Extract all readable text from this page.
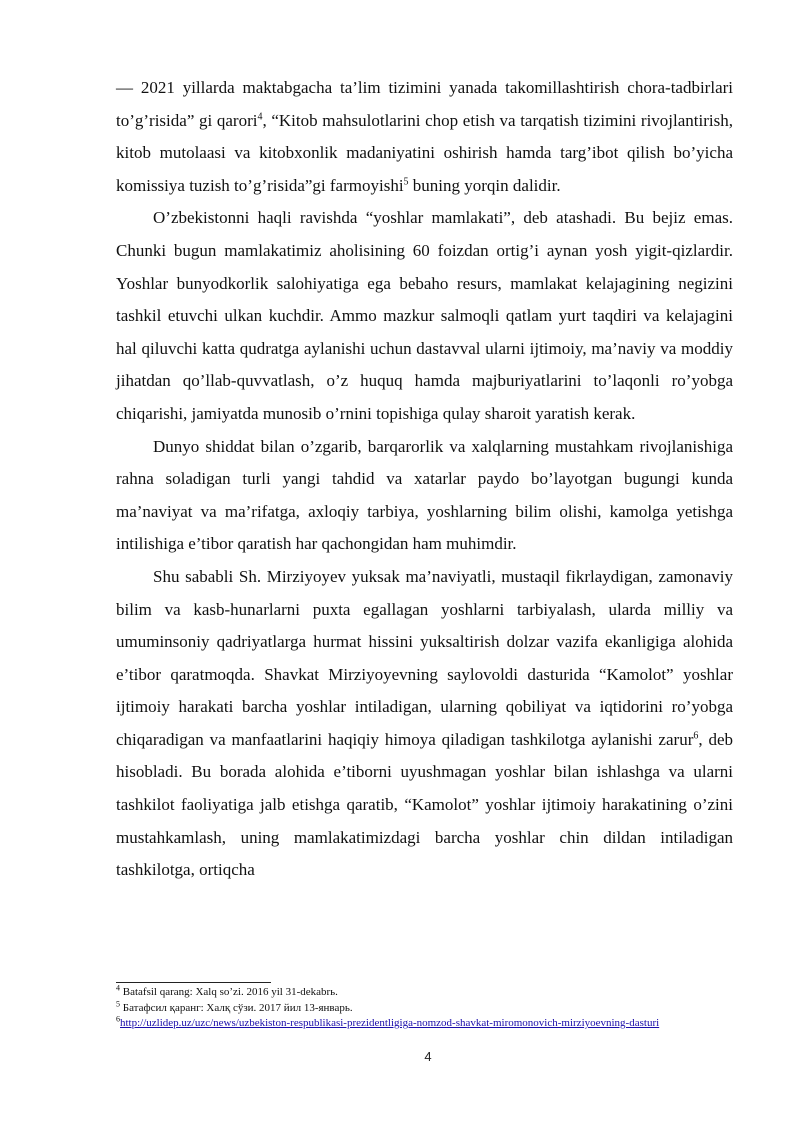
— 2021 yillarda maktabgacha ta’lim tizimini yanada takomillashtirish chora-tadbirlari to’g’risida” gi qarori$^4$, “Kitob mahsulotlarini chop etish va tarqatish tizimini rivojlantirish, kitob mutolaasi va kitobxonlik madaniyatini oshirish hamda targ’ibot qilish bo’yicha komissiya tuzish to’g’risida”gi farmoyishi$^5$ buning yorqin dalidir.

O’zbekistonni haqli ravishda “yoshlar mamlakati”, deb atashadi. Bu bejiz emas. Chunki bugun mamlakatimiz aholisining 60 foizdan ortig’i aynan yosh yigit-qizlardir. Yoshlar bunyodkorlik salohiyatiga ega bebaho resurs, mamlakat kelajagining negizini tashkil etuvchi ulkan kuchdir. Ammo mazkur salmoqli qatlam yurt taqdiri va kelajagini hal qiluvchi katta qudratga aylanishi uchun dastavval ularni ijtimoiy, ma’naviy va moddiy jihatdan qo’llab-quvvatlash, o’z huquq hamda majburiyatlarini to’laqonli ro’yobga chiqarishi, jamiyatda munosib o’rnini topishiga qulay sharoit yaratish kerak.

Dunyo shiddat bilan o’zgarib, barqarorlik va xalqlarning mustahkam rivojlanishiga rahna soladigan turli yangi tahdid va xatarlar paydo bo’layotgan bugungi kunda ma’naviyat va ma’rifatga, axloqiy tarbiya, yoshlarning bilim olishi, kamolga yetishga intilishiga e’tibor qaratish har qachongidan ham muhimdir.

Shu sababli Sh. Mirziyoyev yuksak ma’naviyatli, mustaqil fikrlaydigan, zamonaviy bilim va kasb-hunarlarni puxta egallagan yoshlarni tarbiyalash, ularda milliy va umuminsoniy qadriyatlarga hurmat hissini yuksaltirish dolzar vazifa ekanligiga alohida e’tibor qaratmoqda. Shavkat Mirziyoyevning saylovoldi dasturida “Kamolot” yoshlar ijtimoiy harakati barcha yoshlar intiladigan, ularning qobiliyat va iqtidorini ro’yobga chiqaradigan va manfaatlarini haqiqiy himoya qiladigan tashkilotga aylanishi zarur$^6$, deb hisobladi. Bu borada alohida e’tiborni uyushmagan yoshlar bilan ishlashga va ularni tashkilot faoliyatiga jalb etishga qaratib, “Kamolot” yoshlar ijtimoiy harakatining o’zini mustahkamlash, uning mamlakatimizdagi barcha yoshlar chin dildan intiladigan tashkilotga, ortiqcha

$^4$ Batafsil qarang: Xalq so’zi. 2016 yil 31-dekabrь.
$^5$ Батафсил қаранг: Халқ сўзи. 2017 йил 13-январь.
$^6$http://uzlidep.uz/uzc/news/uzbekiston-respublikasi-prezidentligiga-nomzod-shavkat-miromonovich-mirziyoevning-dasturi
4
